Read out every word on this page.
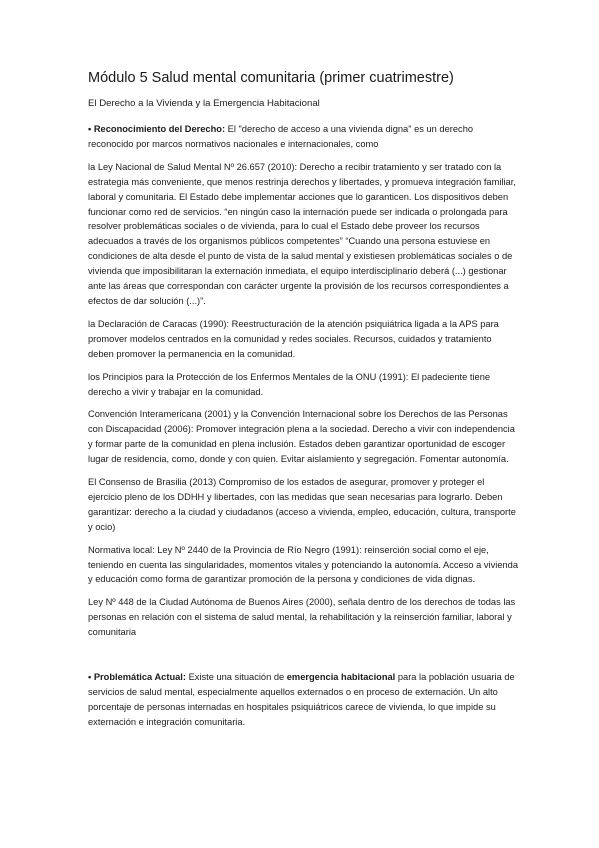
Módulo 5 Salud mental comunitaria (primer cuatrimestre)
El Derecho a la Vivienda y la Emergencia Habitacional

• Reconocimiento del Derecho: El "derecho de acceso a una vivienda digna" es un derecho reconocido por marcos normativos nacionales e internacionales, como

la Ley Nacional de Salud Mental Nº 26.657 (2010): Derecho a recibir tratamiento y ser tratado con la estrategia más conveniente, que menos restrinja derechos y libertades, y promueva integración familiar, laboral y comunitaria. El Estado debe implementar acciones que lo garanticen. Los dispositivos deben funcionar como red de servicios. “en ningún caso la internación puede ser indicada o prolongada para resolver problemáticas sociales o de vivienda, para lo cual el Estado debe proveer los recursos adecuados a través de los organismos públicos competentes” “Cuando una persona estuviese en condiciones de alta desde el punto de vista de la salud mental y existiesen problemáticas sociales o de vivienda que imposibilitaran la externación inmediata, el equipo interdisciplinario deberá (...) gestionar ante las áreas que correspondan con carácter urgente la provisión de los recursos correspondientes a efectos de dar solución (...)”.

la Declaración de Caracas (1990): Reestructuración de la atención psiquiátrica ligada a la APS para promover modelos centrados en la comunidad y redes sociales. Recursos, cuidados y tratamiento deben promover la permanencia en la comunidad.

los Principios para la Protección de los Enfermos Mentales de la ONU (1991): El padeciente tiene derecho a vivir y trabajar en la comunidad.

Convención Interamericana (2001) y la Convención Internacional sobre los Derechos de las Personas con Discapacidad (2006): Promover integración plena a la sociedad. Derecho a vivir con independencia y formar parte de la comunidad en plena inclusión. Estados deben garantizar oportunidad de escoger lugar de residencia, como, donde y con quien. Evitar aislamiento y segregación. Fomentar autonomía.

El Consenso de Brasilia (2013) Compromiso de los estados de asegurar, promover y proteger el ejercicio pleno de los DDHH y libertades, con las medidas que sean necesarias para lograrlo. Deben garantizar: derecho a la ciudad y ciudadanos (acceso a vivienda, empleo, educación, cultura, transporte y ocio)

Normativa local: Ley Nº 2440 de la Provincia de Río Negro (1991): reinserción social como el eje, teniendo en cuenta las singularidades, momentos vitales y potenciando la autonomía. Acceso a vivienda y educación como forma de garantizar promoción de la persona y condiciones de vida dignas.

Ley Nº 448 de la Ciudad Autónoma de Buenos Aires (2000), señala dentro de los derechos de todas las personas en relación con el sistema de salud mental, la rehabilitación y la reinserción familiar, laboral y comunitaria

• Problemática Actual: Existe una situación de emergencia habitacional para la población usuaria de servicios de salud mental, especialmente aquellos externados o en proceso de externación. Un alto porcentaje de personas internadas en hospitales psiquiátricos carece de vivienda, lo que impide su externación e integración comunitaria.
